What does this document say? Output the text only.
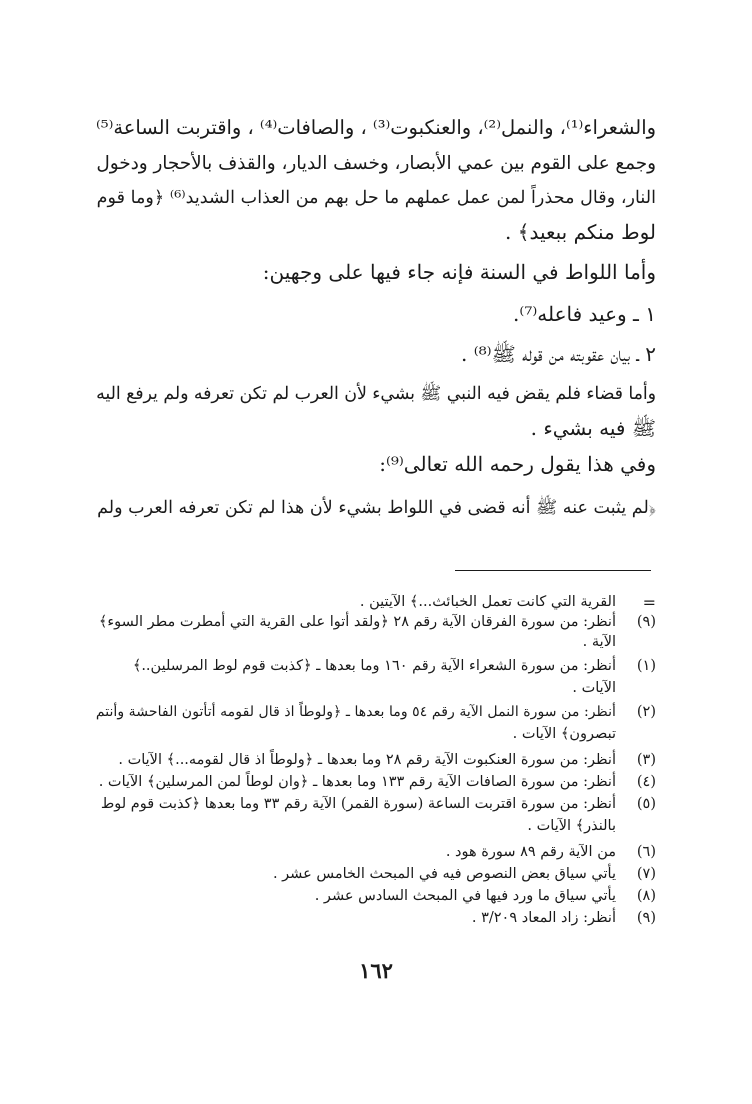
والشعراء⁽¹⁾، والنمل⁽²⁾، والعنكبوت⁽³⁾ ، والصافات⁽⁴⁾ ، واقتربت الساعة⁽⁵⁾
وجمع على القوم بين عمي الأبصار، وخسف الديار، والقذف بالأحجار ودخول
النار، وقال محذراً لمن عمل عملهم ما حل بهم من العذاب الشديد⁽⁶⁾ ﴿وما قوم
لوط منكم ببعيد﴾ .
وأما اللواط في السنة فإنه جاء فيها على وجهين:
١ ـ وعيد فاعله⁽⁷⁾.
٢ ـ بيان عقوبته من قوله ﷺ⁽⁸⁾ .
وأما قضاء فلم يقض فيه النبي ﷺ بشيء لأن العرب لم تكن تعرفه ولم يرفع اليه
ﷺ فيه بشيء .
وفي هذا يقول رحمه الله تعالى⁽⁹⁾:
﴿لم يثبت عنه ﷺ أنه قضى في اللواط بشيء لأن هذا لم تكن تعرفه العرب ولم
=
القرية التي كانت تعمل الخبائث...﴾ الآيتين .
(٩)
أنظر: من سورة الفرقان الآية رقم ٢٨ ﴿ولقد أتوا على القرية التي أمطرت مطر السوء﴾
الآية .
(١)
أنظر: من سورة الشعراء الآية رقم ١٦٠ وما بعدها ـ ﴿كذبت قوم لوط المرسلين..﴾
الآيات .
(٢)
أنظر: من سورة النمل الآية رقم ٥٤ وما بعدها ـ ﴿ولوطاً اذ قال لقومه أتأتون الفاحشة وأنتم
تبصرون﴾ الآيات .
(٣)
أنظر: من سورة العنكبوت الآية رقم ٢٨ وما بعدها ـ ﴿ولوطاً اذ قال لقومه...﴾ الآيات .
(٤)
أنظر: من سورة الصافات الآية رقم ١٣٣ وما بعدها ـ ﴿وان لوطاً لمن المرسلين﴾ الآيات .
(٥)
أنظر: من سورة اقتربت الساعة (سورة القمر) الآية رقم ٣٣ وما بعدها ﴿كذبت قوم لوط
بالنذر﴾ الآيات .
(٦)
من الآية رقم ٨٩ سورة هود .
(٧)
يأتي سياق بعض النصوص فيه في المبحث الخامس عشر .
(٨)
يأتي سياق ما ورد فيها في المبحث السادس عشر .
(٩)
أنظر: زاد المعاد ٣/٢٠٩ .
١٦٢
